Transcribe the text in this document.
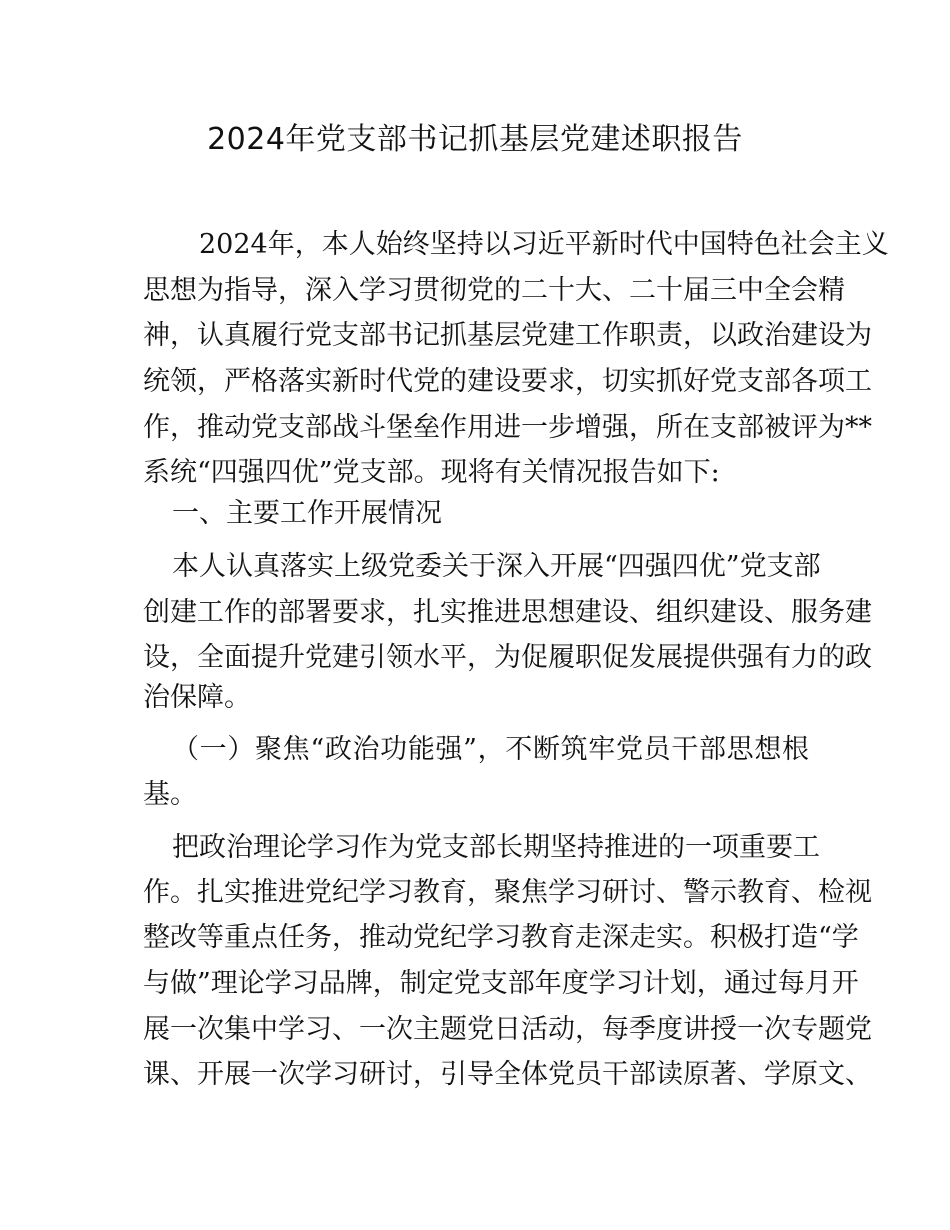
2024年党支部书记抓基层党建述职报告
2024年，本人始终坚持以习近平新时代中国特色社会主义
思想为指导，深入学习贯彻党的二十大、二十届三中全会精
神，认真履行党支部书记抓基层党建工作职责，以政治建设为
统领，严格落实新时代党的建设要求，切实抓好党支部各项工
作，推动党支部战斗堡垒作用进一步增强，所在支部被评为**
系统“四强四优”党支部。现将有关情况报告如下:
一、主要工作开展情况
本人认真落实上级党委关于深入开展“四强四优”党支部
创建工作的部署要求，扎实推进思想建设、组织建设、服务建
设，全面提升党建引领水平，为促履职促发展提供强有力的政
治保障。
（一）聚焦“政治功能强”，不断筑牢党员干部思想根
基。
把政治理论学习作为党支部长期坚持推进的一项重要工
作。扎实推进党纪学习教育，聚焦学习研讨、警示教育、检视
整改等重点任务，推动党纪学习教育走深走实。积极打造“学
与做”理论学习品牌，制定党支部年度学习计划，通过每月开
展一次集中学习、一次主题党日活动，每季度讲授一次专题党
课、开展一次学习研讨，引导全体党员干部读原著、学原文、
